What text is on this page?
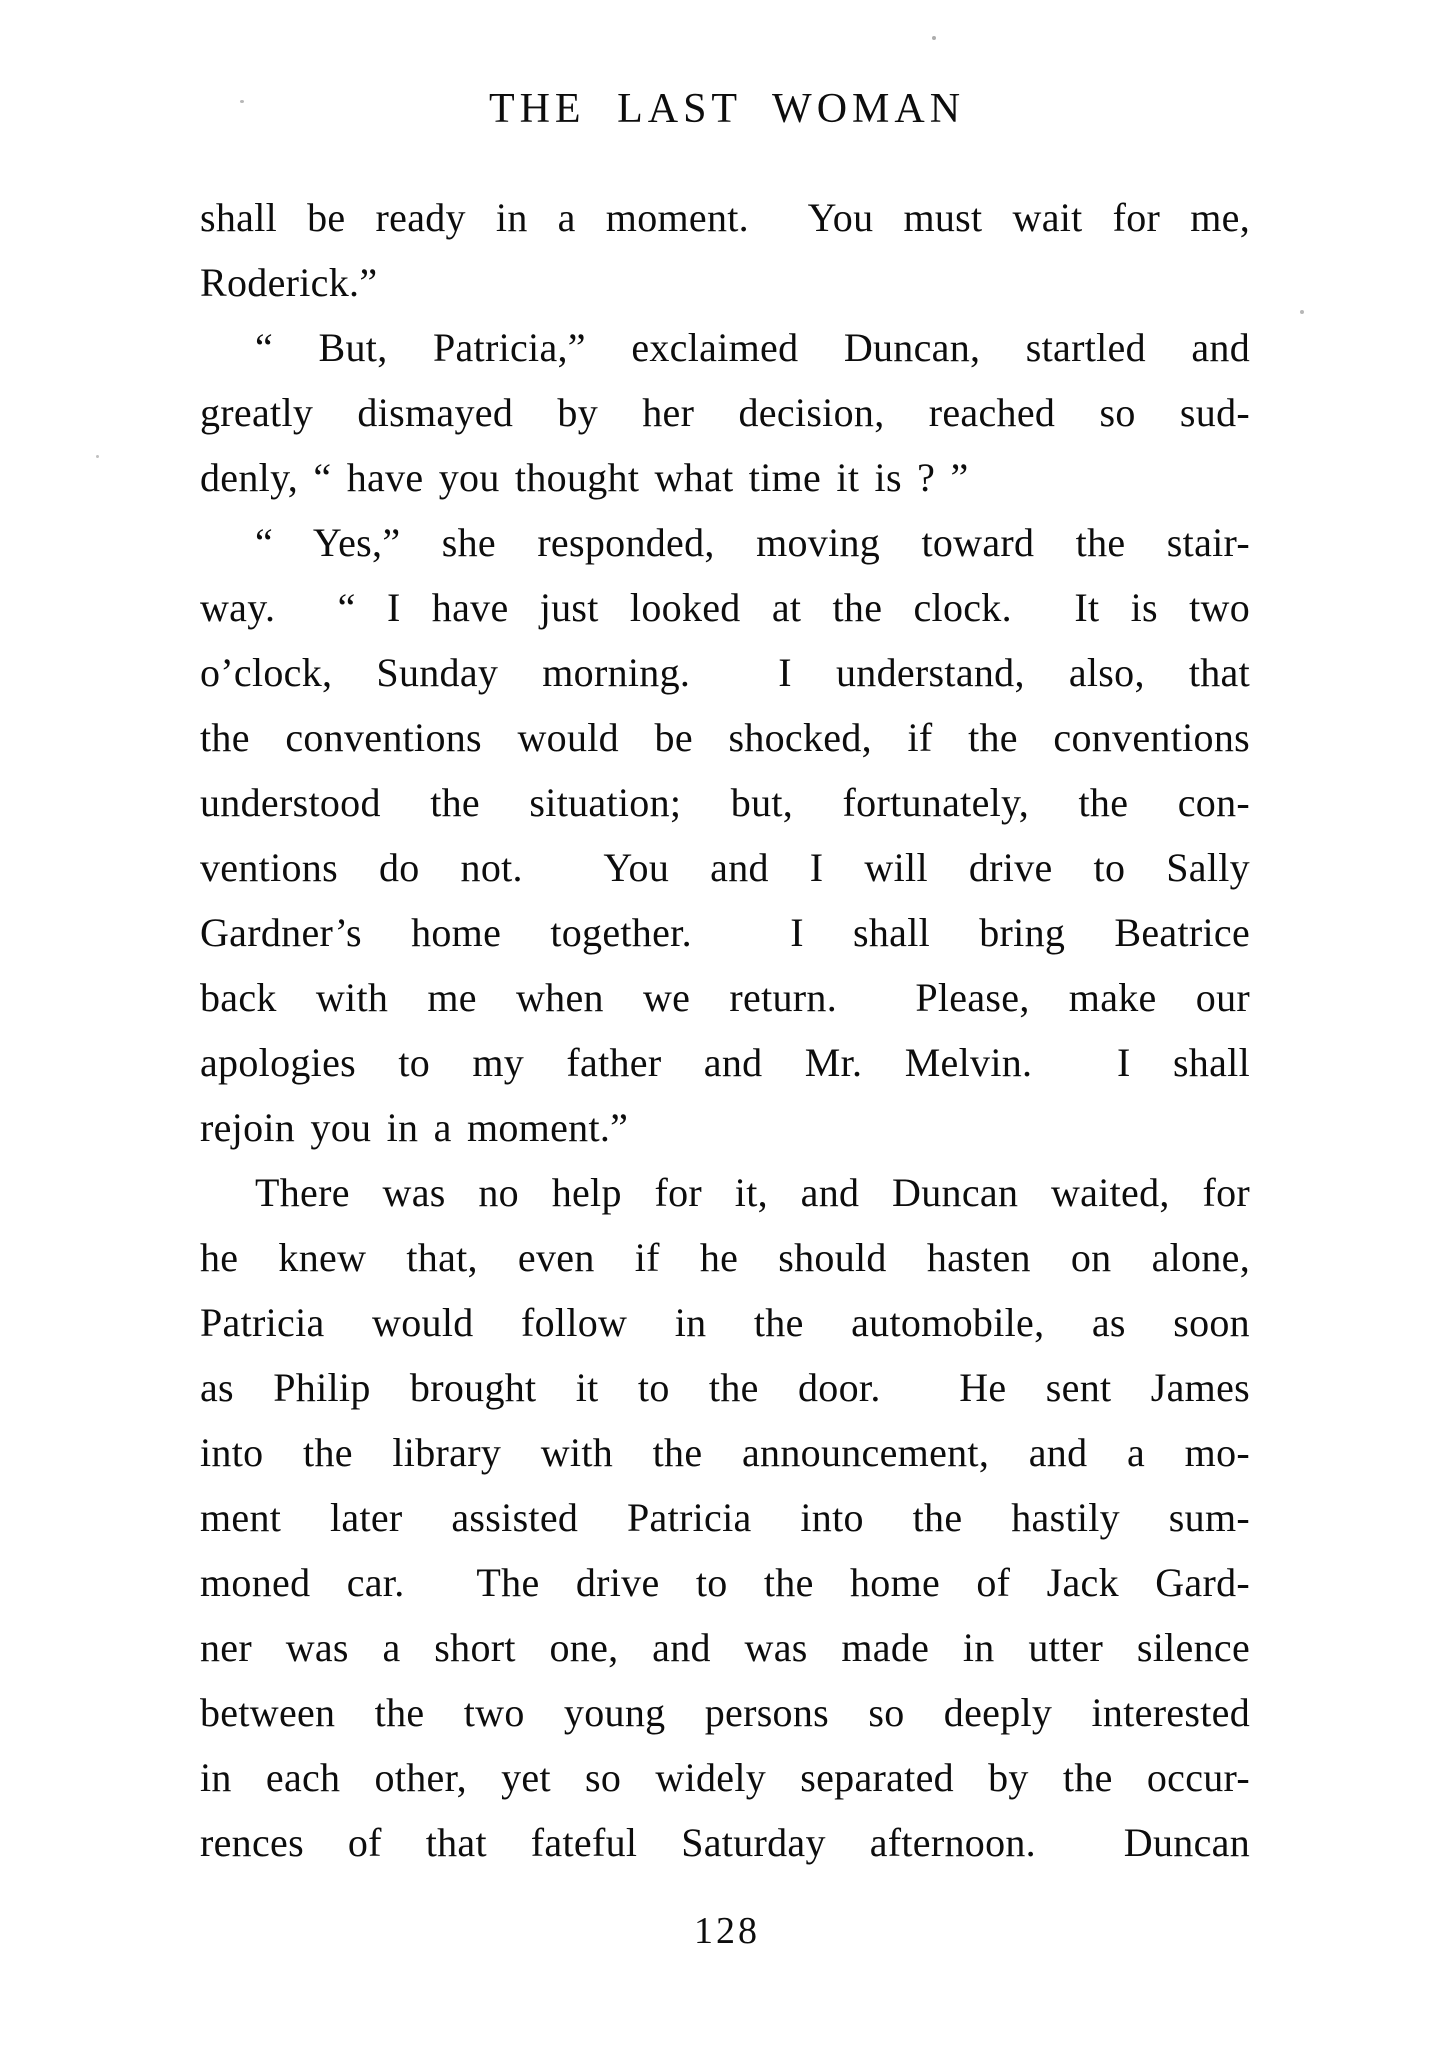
THE LAST WOMAN
shall be ready in a moment.  You must wait for me,
Roderick.”
“ But, Patricia,” exclaimed Duncan, startled and
greatly dismayed by her decision, reached so sud-
denly, “ have you thought what time it is ? ”
“ Yes,” she responded, moving toward the stair-
way.  “ I have just looked at the clock.  It is two
o’clock, Sunday morning.  I understand, also, that
the conventions would be shocked, if the conventions
understood the situation; but, fortunately, the con-
ventions do not.  You and I will drive to Sally
Gardner’s home together.  I shall bring Beatrice
back with me when we return.  Please, make our
apologies to my father and Mr. Melvin.  I shall
rejoin you in a moment.”
There was no help for it, and Duncan waited, for
he knew that, even if he should hasten on alone,
Patricia would follow in the automobile, as soon
as Philip brought it to the door.  He sent James
into the library with the announcement, and a mo-
ment later assisted Patricia into the hastily sum-
moned car.  The drive to the home of Jack Gard-
ner was a short one, and was made in utter silence
between the two young persons so deeply interested
in each other, yet so widely separated by the occur-
rences of that fateful Saturday afternoon.  Duncan
128
